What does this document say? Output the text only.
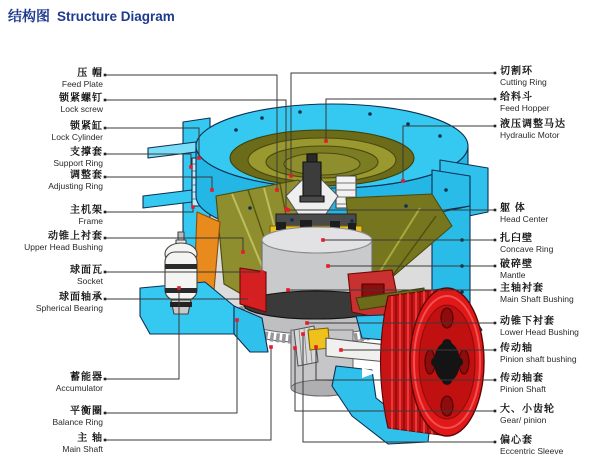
结构图 Structure Diagram
压 帽
Feed Plate
锁紧螺钉
Lock screw
锁紧缸
Lock Cylinder
支撑套
Support Ring
调整套
Adjusting Ring
主机架
Frame
动锥上衬套
Upper Head Bushing
球面瓦
Socket
球面轴承
Spherical Bearing
蓄能器
Accumulator
平衡圈
Balance Ring
主 轴
Main Shaft
切割环
Cutting Ring
给料斗
Feed Hopper
液压调整马达
Hydraulic Motor
躯 体
Head Center
扎臼壁
Concave Ring
破碎壁
Mantle
主轴衬套
Main Shaft Bushing
动锥下衬套
Lower Head Bushing
传动轴
Pinion shaft bushing
传动轴套
Pinion Shaft
大、小齿轮
Gear/ pinion
偏心套
Eccentric Sleeve
